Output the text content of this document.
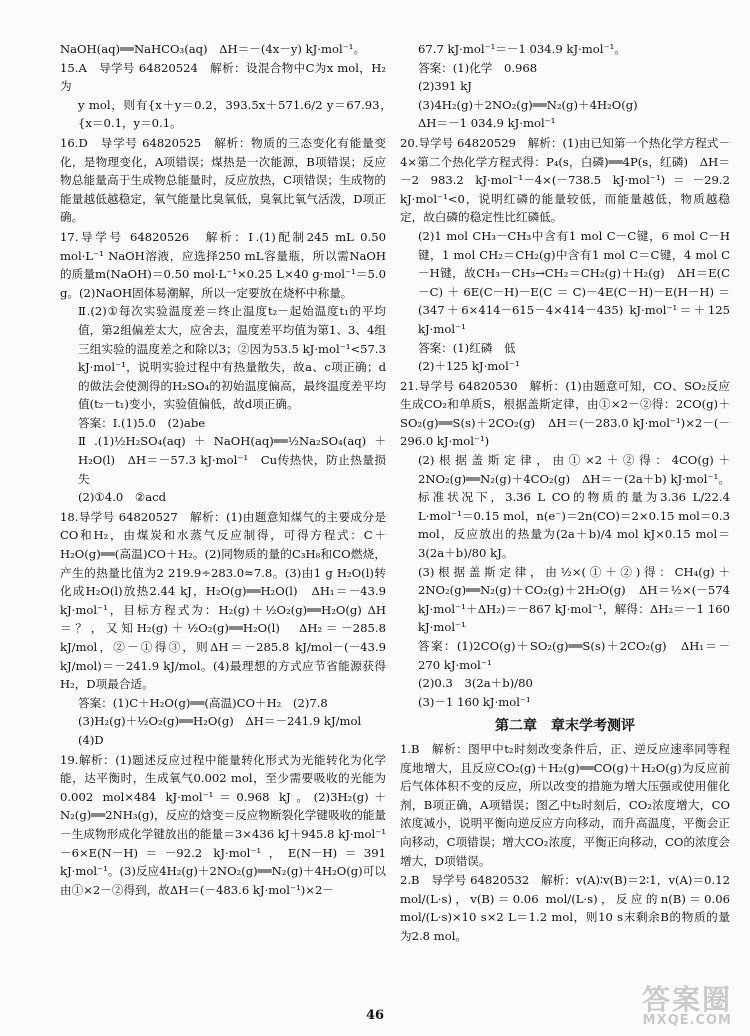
NaOH(aq)══NaHCO₃(aq)　ΔH＝－(4x－y) kJ·mol⁻¹。

15.A　导学号 64820524　解析：设混合物中C为x mol，H₂为

y mol，则有{x＋y＝0.2，393.5x＋571.6/2 y＝67.93，　{x＝0.1，y＝0.1。

16.D　导学号 64820525　解析：物质的三态变化有能量变化，是物理变化，A项错误；煤热是一次能源，B项错误；反应物总能量高于生成物总能量时，反应放热，C项错误；生成物的能量越低越稳定，氧气能量比臭氧低，臭氧比氧气活泼，D项正确。

17.导学号 64820526　解析：Ⅰ.(1)配制245 mL 0.50 mol·L⁻¹ NaOH溶液，应选择250 mL容量瓶，所以需NaOH的质量m(NaOH)＝0.50 mol·L⁻¹×0.25 L×40 g·mol⁻¹＝5.0 g。(2)NaOH固体易潮解，所以一定要放在烧杯中称量。

Ⅱ.(2)①每次实验温度差＝终止温度t₂－起始温度t₁的平均值，第2组偏差太大，应舍去，温度差平均值为第1、3、4组三组实验的温度差之和除以3；②因为53.5 kJ·mol⁻¹<57.3 kJ·mol⁻¹，说明实验过程中有热量散失，故a、c项正确；d的做法会使测得的H₂SO₄的初始温度偏高，最终温度差平均值(t₂－t₁)变小，实验值偏低，故d项正确。

答案：Ⅰ.(1)5.0　(2)abe

Ⅱ.(1)½H₂SO₄(aq)＋NaOH(aq)══½Na₂SO₄(aq)＋H₂O(l)　ΔH＝－57.3 kJ·mol⁻¹　Cu传热快，防止热量损失

(2)①4.0　②acd

18.导学号 64820527　解析：(1)由题意知煤气的主要成分是CO和H₂，由煤炭和水蒸气反应制得，可得方程式：C＋H₂O(g)══(高温)CO＋H₂。(2)同物质的量的C₃H₈和CO燃烧，产生的热量比值为2 219.9÷283.0≈7.8。(3)由1 g H₂O(l)转化成H₂O(l)放热2.44 kJ，H₂O(g)══H₂O(l)　ΔH₁＝－43.9 kJ·mol⁻¹，目标方程式为：H₂(g)＋½O₂(g)══H₂O(g) ΔH＝？，又知H₂(g)＋½O₂(g)══H₂O(l)　ΔH₂＝－285.8 kJ/mol，②－①得③，则ΔH＝－285.8 kJ/mol－(－43.9 kJ/mol)＝－241.9 kJ/mol。(4)最理想的方式应节省能源获得H₂，D项最合适。

答案：(1)C＋H₂O(g)══(高温)CO＋H₂　(2)7.8

(3)H₂(g)＋½O₂(g)══H₂O(g)　ΔH＝－241.9 kJ/mol

(4)D

19.解析：(1)题述反应过程中能量转化形式为光能转化为化学能，达平衡时，生成氧气0.002 mol，至少需要吸收的光能为0.002 mol×484 kJ·mol⁻¹＝0.968 kJ。(2)3H₂(g)＋N₂(g)══2NH₃(g)，反应的焓变＝反应物断裂化学键吸收的能量－生成物形成化学键放出的能量＝3×436 kJ＋945.8 kJ·mol⁻¹－6×E(N－H)＝－92.2 kJ·mol⁻¹，E(N－H)＝391 kJ·mol⁻¹。(3)反应4H₂(g)＋2NO₂(g)══N₂(g)＋4H₂O(g)可以由①×2－②得到，故ΔH＝(－483.6 kJ·mol⁻¹)×2－

67.7 kJ·mol⁻¹＝－1 034.9 kJ·mol⁻¹。

答案：(1)化学　0.968

(2)391 kJ

(3)4H₂(g)＋2NO₂(g)══N₂(g)＋4H₂O(g)

ΔH＝－1 034.9 kJ·mol⁻¹

20.导学号 64820529　解析：(1)由已知第一个热化学方程式－4×第二个热化学方程式得：P₄(s，白磷)══4P(s，红磷)　ΔH＝－2 983.2 kJ·mol⁻¹－4×(－738.5 kJ·mol⁻¹)＝－29.2 kJ·mol⁻¹<0，说明红磷的能量较低，而能量越低，物质越稳定，故白磷的稳定性比红磷低。

(2)1 mol CH₃－CH₃中含有1 mol C－C键，6 mol C－H键，1 mol CH₂＝CH₂(g)中含有1 mol C＝C键，4 mol C－H键，故CH₃－CH₃→CH₂＝CH₂(g)＋H₂(g)　ΔH＝E(C－C)＋6E(C－H)－E(C＝C)－4E(C－H)－E(H－H)＝(347＋6×414－615－4×414－435) kJ·mol⁻¹＝＋125 kJ·mol⁻¹

答案：(1)红磷　低

(2)＋125 kJ·mol⁻¹

21.导学号 64820530　解析：(1)由题意可知，CO、SO₂反应生成CO₂和单质S，根据盖斯定律，由①×2－②得：2CO(g)＋SO₂(g)══S(s)＋2CO₂(g)　ΔH＝(－283.0 kJ·mol⁻¹)×2－(－296.0 kJ·mol⁻¹)

(2)根据盖斯定律，由①×2＋②得：4CO(g)＋2NO₂(g)══N₂(g)＋4CO₂(g)　ΔH＝－(2a＋b) kJ·mol⁻¹。标准状况下，3.36 L CO的物质的量为3.36 L/22.4 L·mol⁻¹＝0.15 mol，n(e⁻)＝2n(CO)＝2×0.15 mol＝0.3 mol，反应放出的热量为(2a＋b)/4 mol kJ×0.15 mol＝3(2a＋b)/80 kJ。

(3)根据盖斯定律，由½×(①＋②)得：CH₄(g)＋2NO₂(g)══N₂(g)＋CO₂(g)＋2H₂O(g)　ΔH＝½×(－574 kJ·mol⁻¹＋ΔH₂)＝－867 kJ·mol⁻¹，解得：ΔH₂＝－1 160 kJ·mol⁻¹

答案：(1)2CO(g)＋SO₂(g)══S(s)＋2CO₂(g)　ΔH₁＝－270 kJ·mol⁻¹

(2)0.3　3(2a＋b)/80

(3)－1 160 kJ·mol⁻¹

第二章　章末学考测评

1.B　解析：图甲中t₂时刻改变条件后，正、逆反应速率同等程度地增大，且反应CO₂(g)＋H₂(g)══CO(g)＋H₂O(g)为反应前后气体体积不变的反应，所以改变的措施为增大压强或使用催化剂，B项正确，A项错误；图乙中t₂时刻后，CO₂浓度增大，CO浓度减小，说明平衡向逆反应方向移动，而升高温度，平衡会正向移动，C项错误；增大CO₂浓度，平衡正向移动，CO的浓度会增大，D项错误。

2.B　导学号 64820532　解析：v(A)∶v(B)＝2∶1，v(A)＝0.12 mol/(L·s)，v(B)＝0.06 mol/(L·s)，反应的n(B)＝0.06 mol/(L·s)×10 s×2 L＝1.2 mol，则10 s末剩余B的物质的量为2.8 mol。

46	答案圈
MXQE.COM
